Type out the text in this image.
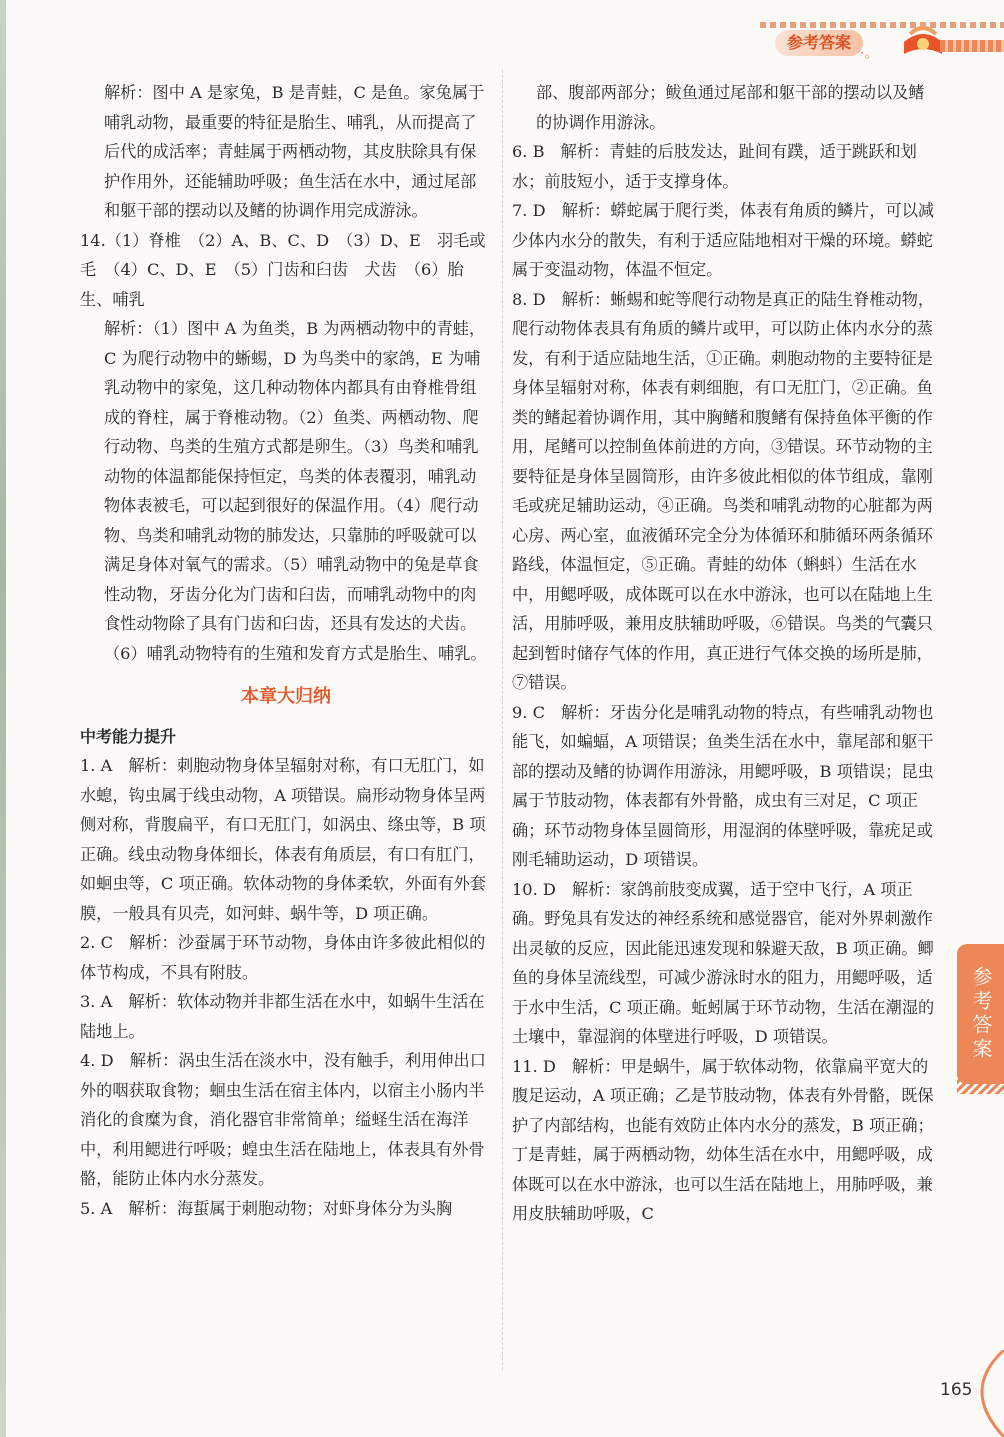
参考答案
·。

解析：图中 A 是家兔，B 是青蛙，C 是鱼。家兔属于哺乳动物，最重要的特征是胎生、哺乳，从而提高了后代的成活率；青蛙属于两栖动物，其皮肤除具有保护作用外，还能辅助呼吸；鱼生活在水中，通过尾部和躯干部的摆动以及鳍的协调作用完成游泳。

14.（1）脊椎　（2）A、B、C、D　（3）D、E　羽毛或毛　（4）C、D、E　（5）门齿和臼齿　犬齿　（6）胎生、哺乳

解析：（1）图中 A 为鱼类，B 为两栖动物中的青蛙，C 为爬行动物中的蜥蜴，D 为鸟类中的家鸽，E 为哺乳动物中的家兔，这几种动物体内都具有由脊椎骨组成的脊柱，属于脊椎动物。（2）鱼类、两栖动物、爬行动物、鸟类的生殖方式都是卵生。（3）鸟类和哺乳动物的体温都能保持恒定，鸟类的体表覆羽，哺乳动物体表被毛，可以起到很好的保温作用。（4）爬行动物、鸟类和哺乳动物的肺发达，只靠肺的呼吸就可以满足身体对氧气的需求。（5）哺乳动物中的兔是草食性动物，牙齿分化为门齿和臼齿，而哺乳动物中的肉食性动物除了具有门齿和臼齿，还具有发达的犬齿。（6）哺乳动物特有的生殖和发育方式是胎生、哺乳。

本章大归纳

中考能力提升

1. A　解析：刺胞动物身体呈辐射对称，有口无肛门，如水螅，钩虫属于线虫动物，A 项错误。扁形动物身体呈两侧对称，背腹扁平，有口无肛门，如涡虫、绦虫等，B 项正确。线虫动物身体细长，体表有角质层，有口有肛门，如蛔虫等，C 项正确。软体动物的身体柔软，外面有外套膜，一般具有贝壳，如河蚌、蜗牛等，D 项正确。

2. C　解析：沙蚕属于环节动物，身体由许多彼此相似的体节构成，不具有附肢。

3. A　解析：软体动物并非都生活在水中，如蜗牛生活在陆地上。

4. D　解析：涡虫生活在淡水中，没有触手，利用伸出口外的咽获取食物；蛔虫生活在宿主体内，以宿主小肠内半消化的食糜为食，消化器官非常简单；缢蛏生活在海洋中，利用鳃进行呼吸；蝗虫生活在陆地上，体表具有外骨骼，能防止体内水分蒸发。

5. A　解析：海蜇属于刺胞动物；对虾身体分为头胸

部、腹部两部分；鲅鱼通过尾部和躯干部的摆动以及鳍的协调作用游泳。

6. B　解析：青蛙的后肢发达，趾间有蹼，适于跳跃和划水；前肢短小，适于支撑身体。

7. D　解析：蟒蛇属于爬行类，体表有角质的鳞片，可以减少体内水分的散失，有利于适应陆地相对干燥的环境。蟒蛇属于变温动物，体温不恒定。

8. D　解析：蜥蜴和蛇等爬行动物是真正的陆生脊椎动物，爬行动物体表具有角质的鳞片或甲，可以防止体内水分的蒸发，有利于适应陆地生活，①正确。刺胞动物的主要特征是身体呈辐射对称，体表有刺细胞，有口无肛门，②正确。鱼类的鳍起着协调作用，其中胸鳍和腹鳍有保持鱼体平衡的作用，尾鳍可以控制鱼体前进的方向，③错误。环节动物的主要特征是身体呈圆筒形，由许多彼此相似的体节组成，靠刚毛或疣足辅助运动，④正确。鸟类和哺乳动物的心脏都为两心房、两心室，血液循环完全分为体循环和肺循环两条循环路线，体温恒定，⑤正确。青蛙的幼体（蝌蚪）生活在水中，用鳃呼吸，成体既可以在水中游泳，也可以在陆地上生活，用肺呼吸，兼用皮肤辅助呼吸，⑥错误。鸟类的气囊只起到暂时储存气体的作用，真正进行气体交换的场所是肺，⑦错误。

9. C　解析：牙齿分化是哺乳动物的特点，有些哺乳动物也能飞，如蝙蝠，A 项错误；鱼类生活在水中，靠尾部和躯干部的摆动及鳍的协调作用游泳，用鳃呼吸，B 项错误；昆虫属于节肢动物，体表都有外骨骼，成虫有三对足，C 项正确；环节动物身体呈圆筒形，用湿润的体壁呼吸，靠疣足或刚毛辅助运动，D 项错误。

10. D　解析：家鸽前肢变成翼，适于空中飞行，A 项正确。野兔具有发达的神经系统和感觉器官，能对外界刺激作出灵敏的反应，因此能迅速发现和躲避天敌，B 项正确。鲫鱼的身体呈流线型，可减少游泳时水的阻力，用鳃呼吸，适于水中生活，C 项正确。蚯蚓属于环节动物，生活在潮湿的土壤中，靠湿润的体壁进行呼吸，D 项错误。

11. D　解析：甲是蜗牛，属于软体动物，依靠扁平宽大的腹足运动，A 项正确；乙是节肢动物，体表有外骨骼，既保护了内部结构，也能有效防止体内水分的蒸发，B 项正确；丁是青蛙，属于两栖动物，幼体生活在水中，用鳃呼吸，成体既可以在水中游泳，也可以生活在陆地上，用肺呼吸，兼用皮肤辅助呼吸，C

参考答案
165
